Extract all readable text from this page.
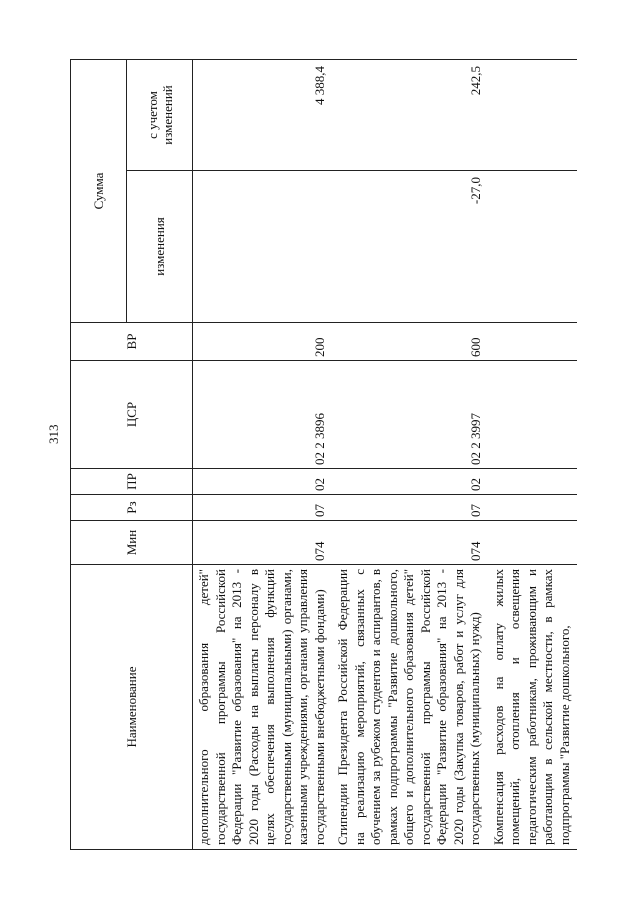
313
Наименование	Мин	Рз	ПР	ЦСР	ВР	Сумма	
						изменения	с учетом
изменений
дополнительного образования детей" государственной программы Российской Федерации "Развитие образования" на 2013 - 2020 годы (Расходы на выплаты персоналу в целях обеспечения выполнения функций государственными (муниципальными) органами, казенными учреждениями, органами управления государственными внебюджетными фондами)	074	07	02	02 2 3896	200		4 388,4
Стипендии Президента Российской Федерации на реализацию мероприятий, связанных с обучением за рубежом студентов и аспирантов, в рамках подпрограммы "Развитие дошкольного, общего и дополнительного образования детей" государственной программы Российской Федерации "Развитие образования" на 2013 - 2020 годы (Закупка товаров, работ и услуг для государственных (муниципальных) нужд)	074	07	02	02 2 3997	600	-27,0	242,5
Компенсация расходов на оплату жилых помещений, отопления и освещения педагогическим работникам, проживающим и работающим в сельской местности, в рамках подпрограммы "Развитие дошкольного,							
